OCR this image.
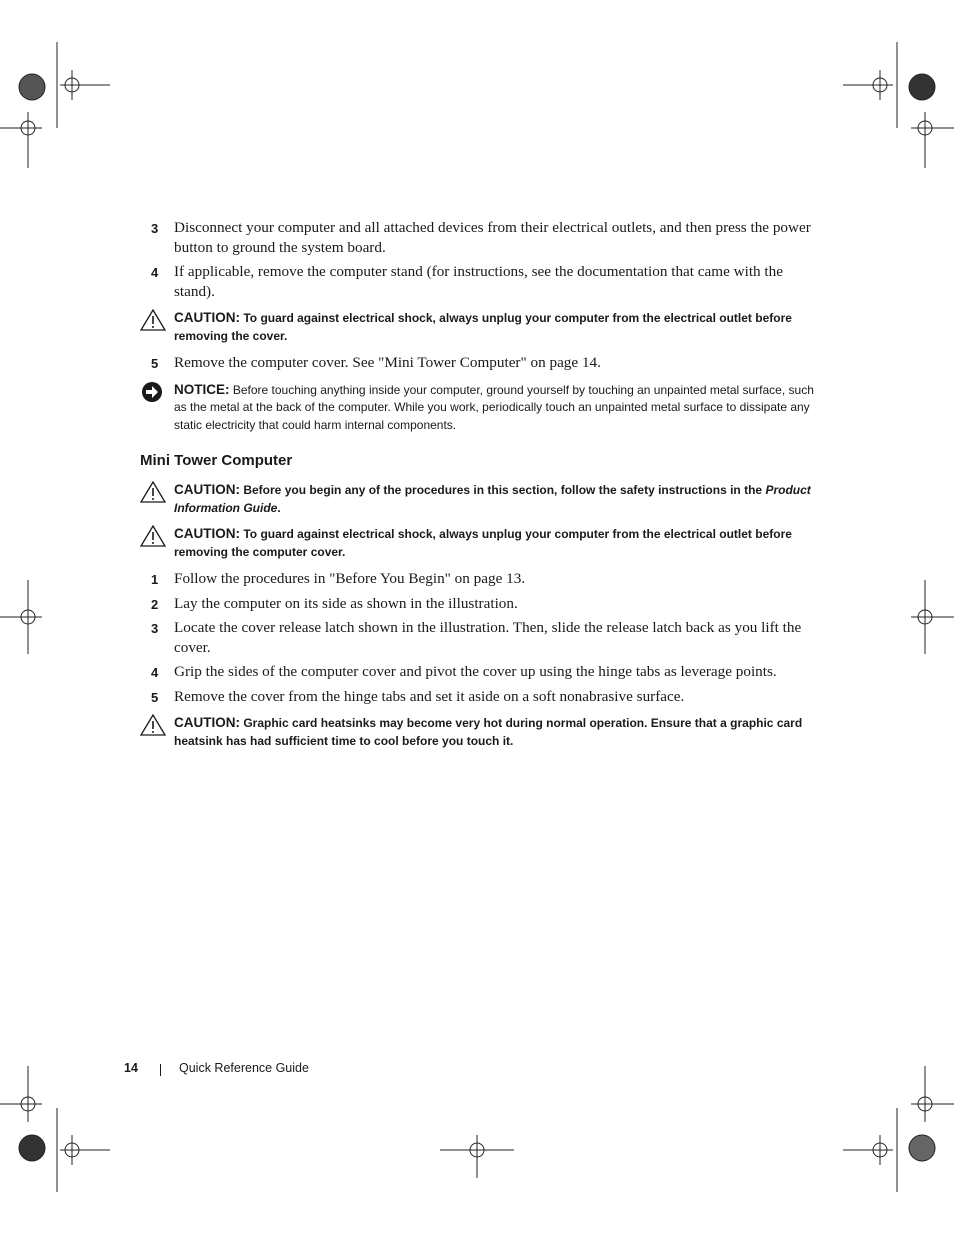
3 Disconnect your computer and all attached devices from their electrical outlets, and then press the power button to ground the system board.
4 If applicable, remove the computer stand (for instructions, see the documentation that came with the stand).
CAUTION: To guard against electrical shock, always unplug your computer from the electrical outlet before removing the cover.
5 Remove the computer cover. See "Mini Tower Computer" on page 14.
NOTICE: Before touching anything inside your computer, ground yourself by touching an unpainted metal surface, such as the metal at the back of the computer. While you work, periodically touch an unpainted metal surface to dissipate any static electricity that could harm internal components.
Mini Tower Computer
CAUTION: Before you begin any of the procedures in this section, follow the safety instructions in the Product Information Guide.
CAUTION: To guard against electrical shock, always unplug your computer from the electrical outlet before removing the computer cover.
1 Follow the procedures in "Before You Begin" on page 13.
2 Lay the computer on its side as shown in the illustration.
3 Locate the cover release latch shown in the illustration. Then, slide the release latch back as you lift the cover.
4 Grip the sides of the computer cover and pivot the cover up using the hinge tabs as leverage points.
5 Remove the cover from the hinge tabs and set it aside on a soft nonabrasive surface.
CAUTION: Graphic card heatsinks may become very hot during normal operation. Ensure that a graphic card heatsink has had sufficient time to cool before you touch it.
14	Quick Reference Guide
